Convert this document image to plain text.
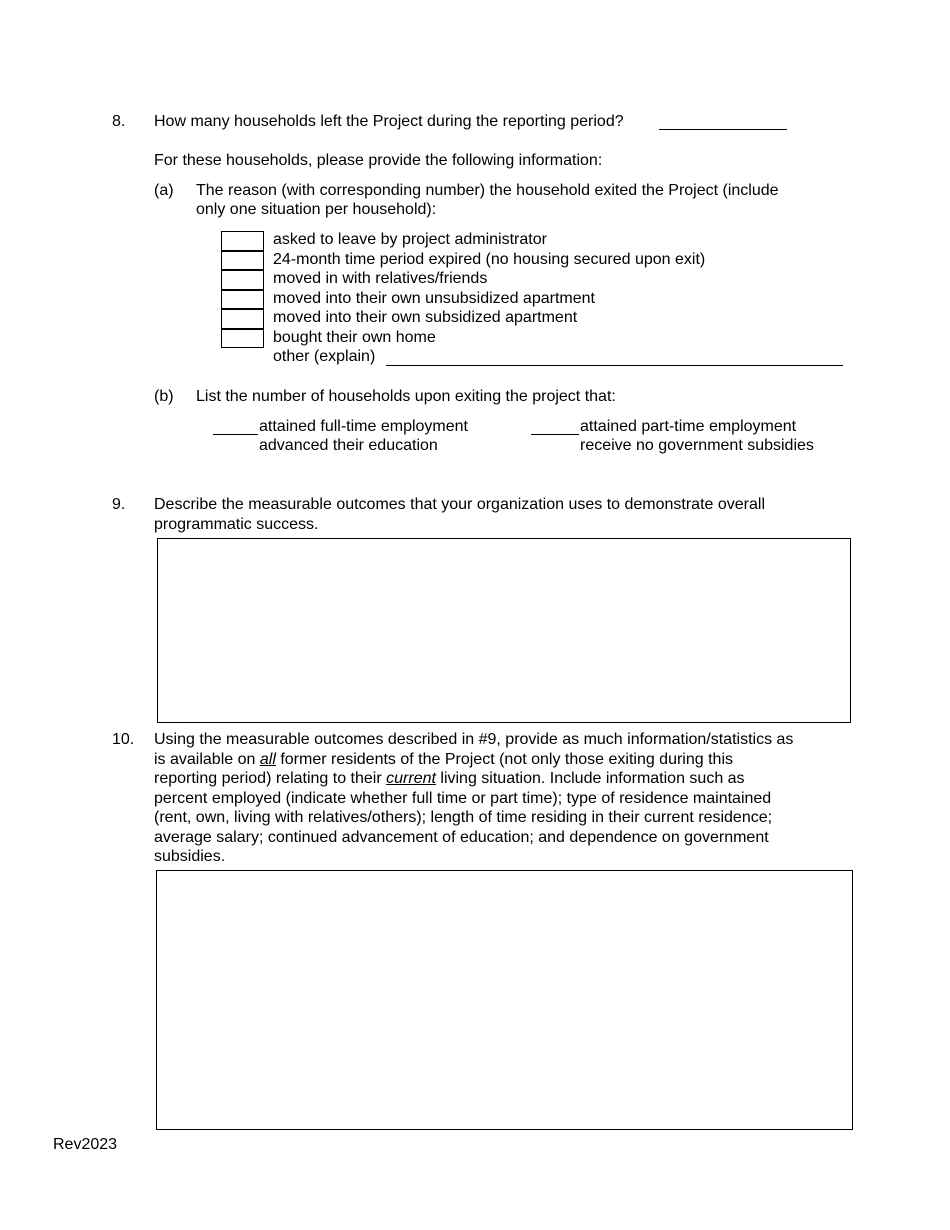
8. How many households left the Project during the reporting period?
For these households, please provide the following information:
(a) The reason (with corresponding number) the household exited the Project (include
only one situation per household):
asked to leave by project administrator
24-month time period expired (no housing secured upon exit)
moved in with relatives/friends
moved into their own unsubsidized apartment
moved into their own subsidized apartment
bought their own home
other (explain)
(b) List the number of households upon exiting the project that:
attained full-time employment
advanced their education
attained part-time employment
receive no government subsidies
9. Describe the measurable outcomes that your organization uses to demonstrate overall
programmatic success.
10. Using the measurable outcomes described in #9, provide as much information/statistics as
is available on all former residents of the Project (not only those exiting during this
reporting period) relating to their current living situation. Include information such as
percent employed (indicate whether full time or part time); type of residence maintained
(rent, own, living with relatives/others); length of time residing in their current residence;
average salary; continued advancement of education; and dependence on government
subsidies.
Rev2023
